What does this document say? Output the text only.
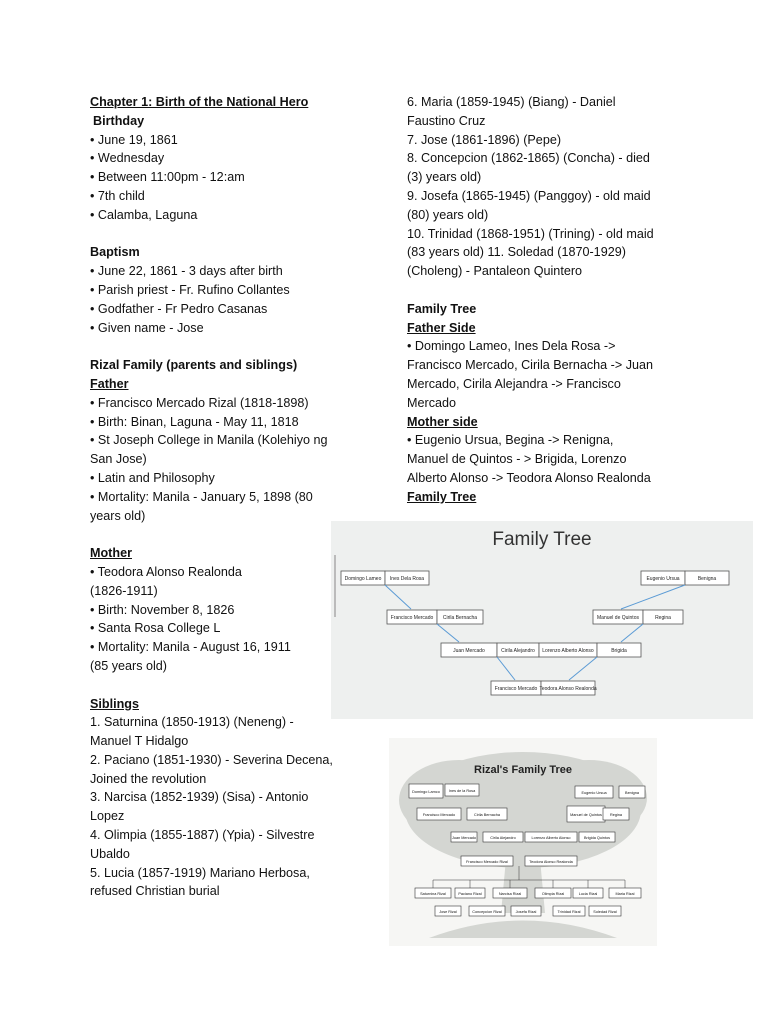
Chapter 1: Birth of the National Hero

Birthday

• June 19, 1861

• Wednesday

• Between 11:00pm - 12:am

• 7th child

• Calamba, Laguna

Baptism

• June 22, 1861 - 3 days after birth

• Parish priest - Fr. Rufino Collantes

• Godfather - Fr Pedro Casanas

• Given name - Jose

Rizal Family (parents and siblings)

Father

• Francisco Mercado Rizal (1818-1898)

• Birth: Binan, Laguna - May 11, 1818

• St Joseph College in Manila (Kolehiyo ng

San Jose)

• Latin and Philosophy

• Mortality: Manila - January 5, 1898 (80

years old)

Mother

• Teodora Alonso Realonda

(1826-1911)

• Birth: November 8, 1826

• Santa Rosa College L

• Mortality: Manila - August 16, 1911

(85 years old)

Siblings

1. Saturnina (1850-1913) (Neneng) -

Manuel T Hidalgo

2. Paciano (1851-1930) - Severina Decena,

Joined the revolution

3. Narcisa (1852-1939) (Sisa) - Antonio

Lopez

4. Olimpia (1855-1887) (Ypia) - Silvestre

Ubaldo

5. Lucia (1857-1919) Mariano Herbosa,

refused Christian burial

6. Maria (1859-1945) (Biang) - Daniel

Faustino Cruz

7. Jose (1861-1896) (Pepe)

8. Concepcion (1862-1865) (Concha) - died

(3) years old)

9. Josefa (1865-1945) (Panggoy) - old maid

(80) years old)

10. Trinidad (1868-1951) (Trining) - old maid

(83 years old) 11. Soledad (1870-1929)

(Choleng) - Pantaleon Quintero

Family Tree

Father Side

• Domingo Lameo, Ines Dela Rosa ->

Francisco Mercado, Cirila Bernacha -> Juan

Mercado, Cirila Alejandra -> Francisco

Mercado

Mother side

• Eugenio Ursua, Begina -> Renigna,

Manuel de Quintos - > Brigida, Lorenzo

Alberto Alonso -> Teodora Alonso Realonda

Family Tree

Family Tree
Domingo Lameo Ines Dela Rosa	Eugenio Ursua	Benigna
Francisco Mercado Cirila Bernacha	Manuel de Quintos	Regina
Juan Mercado	Cirila Alejandro Lorenzo Alberto Alonso	Brigida
Francisco Mercado Teodora Alonso Realonda
Rizal's Family Tree
Domingo Lamco Ines de la Rosa	Eugenio Ursua	Benigna
Francisco Mercado	Cirila Bernacha	Manuel de Quintos Regina
Juan Mercado	Cirila Alejandro	Lorenzo Alberto Alonso	Brigida Quintos
Francisco Mercado Rizal	Teodora Alonso Realonda
Saturnina Rizal	Paciano Rizal	Narcisa Rizal	Olimpia Rizal	Lucia Rizal	Maria Rizal
Jose Rizal	Concepcion Rizal	Josefa Rizal	Trinidad Rizal	Soledad Rizal
